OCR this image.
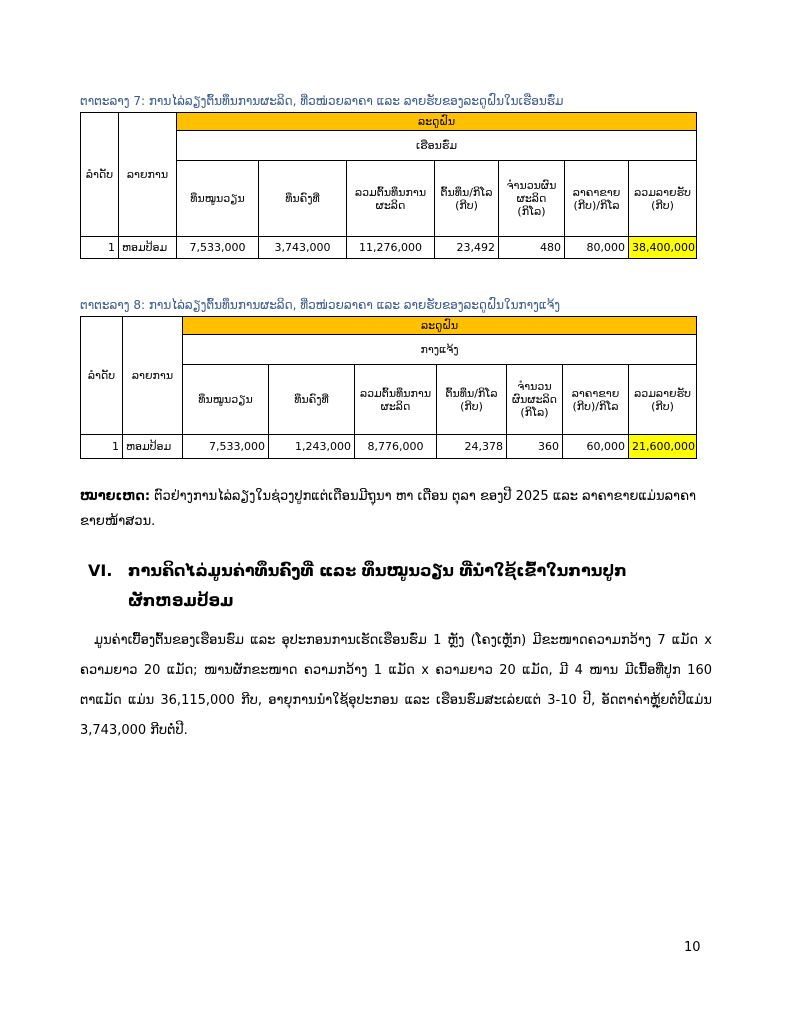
ຕາຕະລາງ 7: ການໄລ່ລຽງຕົ້ນທຶນການຜະລິດ, ທີ່ວໜ່ວຍລາຄາ ແລະ ລາຍຮັບຂອງລະດູຝົນໃນເຮືອນຮົ່ມ
ລຳດັບ	ລາຍການ	ລະດູຝົນ						
		ເຮືອນຮົ່ມ						
		ທຶນໝູນວຽນ	ທຶນຄົງທີ່	ລວມຕົ້ນທຶນການຜະລິດ	ຕົ້ນທຶນ/ກິໂລ (ກີບ)	ຈຳນວນຜົນຜະລິດ (ກິໂລ)	ລາຄາຂາຍ (ກີບ)/ກິໂລ	ລວມລາຍຮັບ (ກີບ)
1	ຫອມປ້ອມ	7,533,000	3,743,000	11,276,000	23,492	480	80,000	38,400,000
ຕາຕະລາງ 8: ການໄລ່ລຽງຕົ້ນທຶນການຜະລິດ, ທີ່ວໜ່ວຍລາຄາ ແລະ ລາຍຮັບຂອງລະດູຝົນໃນກາງແຈ້ງ
ລຳດັບ	ລາຍການ	ລະດູຝົນ						
		ກາງແຈ້ງ						
		ທຶນໝູນວຽນ	ທຶນຄົງທີ່	ລວມຕົ້ນທຶນການຜະລິດ	ຕົ້ນທຶນ/ກິໂລ (ກີບ)	ຈຳນວນຜົນຜະລິດ (ກິໂລ)	ລາຄາຂາຍ (ກີບ)/ກິໂລ	ລວມລາຍຮັບ (ກີບ)
1	ຫອມປ້ອມ	7,533,000	1,243,000	8,776,000	24,378	360	60,000	21,600,000
ໝາຍເຫດ: ຕົວຢ່າງການໄລ່ລຽງໃນຊ່ວງປູກແຕ່ເດືອນມີຖຸນາ ຫາ ເດືອນ ຕຸລາ ຂອງປີ 2025 ແລະ ລາຄາຂາຍແມ່ນລາຄາຂາຍໜ້າສວນ.
VI. ການຄິດໄລ່ມູນຄ່າທຶນຄົງທີ່ ແລະ ທຶນໝູນວຽນ ທີ່ນຳໃຊ້ເຂົ້າໃນການປູກ
ຜັກຫອມປ້ອມ
ມູນຄ່າເບື້ອງຕົ້ນຂອງເຮືອນຮົ່ມ ແລະ ອຸປະກອນການເຮັດເຮືອນຮົ່ມ 1 ຫຼັງ (ໂຄງເຫຼັກ) ມີຂະໜາດຄວາມກວ້າງ 7 ແມັດ x ຄວາມຍາວ 20 ແມັດ; ໜານຜັກຂະໜາດ ຄວາມກວ້າງ 1 ແມັດ x ຄວາມຍາວ 20 ແມັດ, ມີ 4 ໜານ ມີເນື້ອທີ່ປູກ 160 ຕາແມັດ ແມ່ນ 36,115,000 ກີບ, ອາຍຸການນຳໃຊ້ອຸປະກອນ ແລະ ເຮືອນຮົ່ມສະເລ່ຍແຕ່ 3-10 ປີ, ອັດຕາຄ່າຫຼຸ້ຍຕໍ່ປີແມ່ນ 3,743,000 ກີບຕໍ່ປີ.
10
